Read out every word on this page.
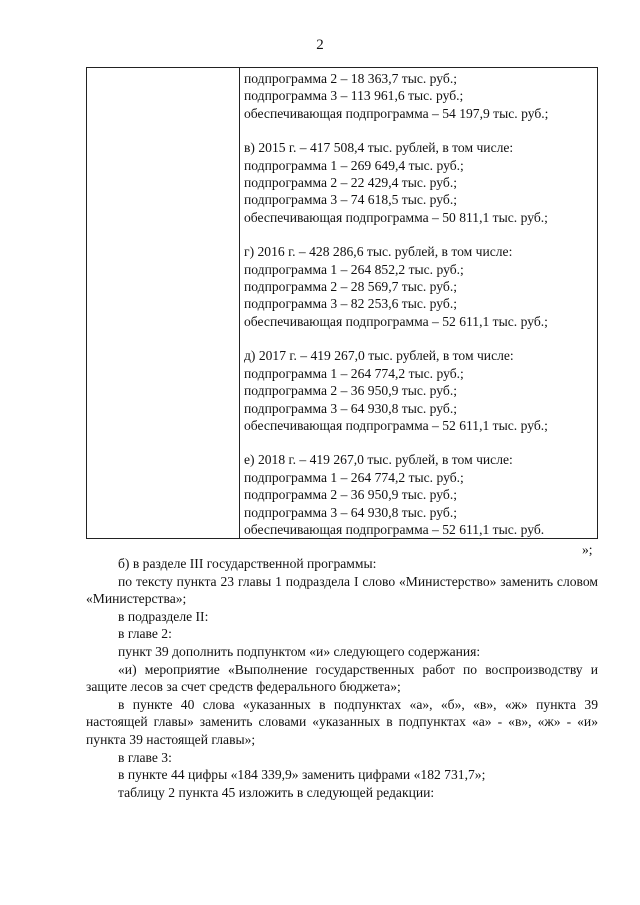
2
подпрограмма 2 – 18 363,7 тыс. руб.;
подпрограмма 3 – 113 961,6 тыс. руб.;
обеспечивающая подпрограмма – 54 197,9 тыс. руб.;
в) 2015 г. – 417 508,4 тыс. рублей, в том числе:
подпрограмма 1 – 269 649,4 тыс. руб.;
подпрограмма 2 – 22 429,4 тыс. руб.;
подпрограмма 3 – 74 618,5 тыс. руб.;
обеспечивающая подпрограмма – 50 811,1 тыс. руб.;
г) 2016 г. – 428 286,6 тыс. рублей, в том числе:
подпрограмма 1 – 264 852,2 тыс. руб.;
подпрограмма 2 – 28 569,7 тыс. руб.;
подпрограмма 3 – 82 253,6 тыс. руб.;
обеспечивающая подпрограмма – 52 611,1 тыс. руб.;
д) 2017 г. – 419 267,0 тыс. рублей, в том числе:
подпрограмма 1 – 264 774,2 тыс. руб.;
подпрограмма 2 – 36 950,9 тыс. руб.;
подпрограмма 3 – 64 930,8 тыс. руб.;
обеспечивающая подпрограмма – 52 611,1 тыс. руб.;
е) 2018 г. – 419 267,0 тыс. рублей, в том числе:
подпрограмма 1 – 264 774,2 тыс. руб.;
подпрограмма 2 – 36 950,9 тыс. руб.;
подпрограмма 3 – 64 930,8 тыс. руб.;
обеспечивающая подпрограмма – 52 611,1 тыс. руб.
»;

б) в разделе III государственной программы:

по тексту пункта 23 главы 1 подраздела I слово «Министерство» заменить словом «Министерства»;

в подразделе II:

в главе 2:

пункт 39 дополнить подпунктом «и» следующего содержания:

«и) мероприятие «Выполнение государственных работ по воспроизводству и защите лесов за счет средств федерального бюджета»;

в пункте 40 слова «указанных в подпунктах «а», «б», «в», «ж» пункта 39 настоящей главы» заменить словами «указанных в подпунктах «а» - «в», «ж» - «и» пункта 39 настоящей главы»;

в главе 3:

в пункте 44 цифры «184 339,9» заменить цифрами «182 731,7»;

таблицу 2 пункта 45 изложить в следующей редакции:
